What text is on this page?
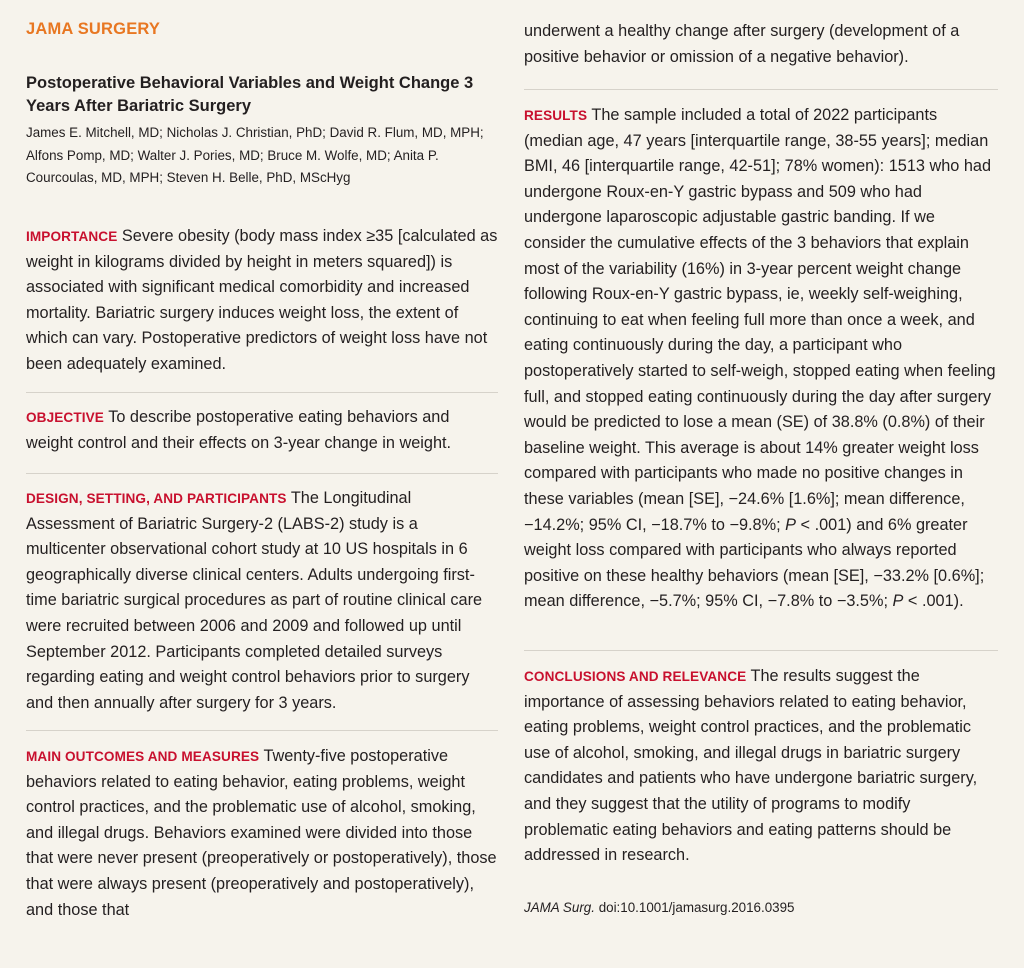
JAMA SURGERY
Postoperative Behavioral Variables and Weight Change 3 Years After Bariatric Surgery

James E. Mitchell, MD; Nicholas J. Christian, PhD; David R. Flum, MD, MPH; Alfons Pomp, MD; Walter J. Pories, MD; Bruce M. Wolfe, MD; Anita P. Courcoulas, MD, MPH; Steven H. Belle, PhD, MScHyg

IMPORTANCE Severe obesity (body mass index ≥35 [calculated as weight in kilograms divided by height in meters squared]) is associated with significant medical comorbidity and increased mortality. Bariatric surgery induces weight loss, the extent of which can vary. Postoperative predictors of weight loss have not been adequately examined.

OBJECTIVE To describe postoperative eating behaviors and weight control and their effects on 3-year change in weight.

DESIGN, SETTING, AND PARTICIPANTS The Longitudinal Assessment of Bariatric Surgery-2 (LABS-2) study is a multicenter observational cohort study at 10 US hospitals in 6 geographically diverse clinical centers. Adults undergoing first-time bariatric surgical procedures as part of routine clinical care were recruited between 2006 and 2009 and followed up until September 2012. Participants completed detailed surveys regarding eating and weight control behaviors prior to surgery and then annually after surgery for 3 years.

MAIN OUTCOMES AND MEASURES Twenty-five postoperative behaviors related to eating behavior, eating problems, weight control practices, and the problematic use of alcohol, smoking, and illegal drugs. Behaviors examined were divided into those that were never present (preoperatively or postoperatively), those that were always present (preoperatively and postoperatively), and those that

underwent a healthy change after surgery (development of a positive behavior or omission of a negative behavior).

RESULTS The sample included a total of 2022 participants (median age, 47 years [interquartile range, 38-55 years]; median BMI, 46 [interquartile range, 42-51]; 78% women): 1513 who had undergone Roux-en-Y gastric bypass and 509 who had undergone laparoscopic adjustable gastric banding. If we consider the cumulative effects of the 3 behaviors that explain most of the variability (16%) in 3-year percent weight change following Roux-en-Y gastric bypass, ie, weekly self-weighing, continuing to eat when feeling full more than once a week, and eating continuously during the day, a participant who postoperatively started to self-weigh, stopped eating when feeling full, and stopped eating continuously during the day after surgery would be predicted to lose a mean (SE) of 38.8% (0.8%) of their baseline weight. This average is about 14% greater weight loss compared with participants who made no positive changes in these variables (mean [SE], −24.6% [1.6%]; mean difference, −14.2%; 95% CI, −18.7% to −9.8%; P < .001) and 6% greater weight loss compared with participants who always reported positive on these healthy behaviors (mean [SE], −33.2% [0.6%]; mean difference, −5.7%; 95% CI, −7.8% to −3.5%; P < .001).

CONCLUSIONS AND RELEVANCE The results suggest the importance of assessing behaviors related to eating behavior, eating problems, weight control practices, and the problematic use of alcohol, smoking, and illegal drugs in bariatric surgery candidates and patients who have undergone bariatric surgery, and they suggest that the utility of programs to modify problematic eating behaviors and eating patterns should be addressed in research.

JAMA Surg. doi:10.1001/jamasurg.2016.0395
